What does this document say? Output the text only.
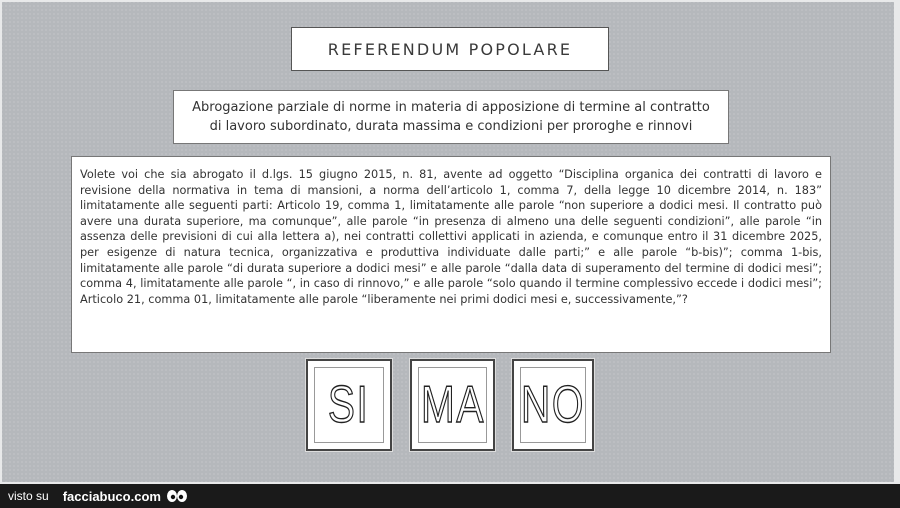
REFERENDUM POPOLARE
Abrogazione parziale di norme in materia di apposizione di termine al contratto
di lavoro subordinato, durata massima e condizioni per proroghe e rinnovi

Volete voi che sia abrogato il d.lgs. 15 giugno 2015, n. 81, avente ad oggetto “Disciplina organica dei contratti di lavoro e revisione della normativa in tema di mansioni, a norma dell’articolo 1, comma 7, della legge 10 dicembre 2014, n. 183” limitatamente alle seguenti parti: Articolo 19, comma 1, limitatamente alle parole “non superiore a dodici mesi. Il contratto può avere una durata superiore, ma comunque”, alle parole “in presenza di almeno una delle seguenti condizioni”, alle parole “in assenza delle previsioni di cui alla lettera a), nei contratti collettivi applicati in azienda, e comunque entro il 31 dicembre 2025, per esigenze di natura tecnica, organizzativa e produttiva individuate dalle parti;” e alle parole “b-bis)”; comma 1-bis, limitatamente alle parole “di durata superiore a dodici mesi” e alle parole “dalla data di superamento del termine di dodici mesi”; comma 4, limitatamente alle parole “, in caso di rinnovo,” e alle parole “solo quando il termine complessivo eccede i dodici mesi”; Articolo 21, comma 01, limitatamente alle parole “liberamente nei primi dodici mesi e, successivamente,”?

SI MA NO
visto su facciabuco.com
